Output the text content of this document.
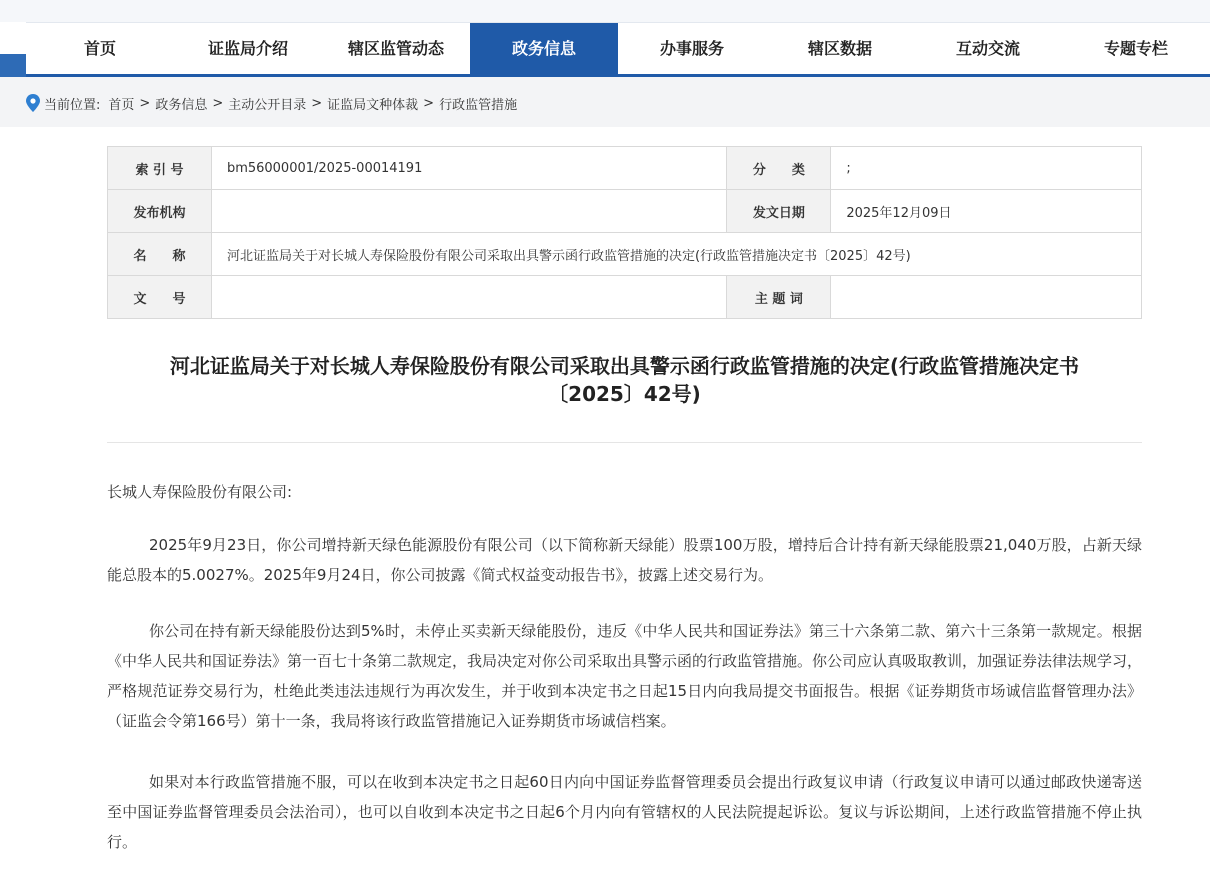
首页	证监局介绍	辖区监管动态	政务信息	办事服务	辖区数据	互动交流	专题专栏
当前位置: 首页 > 政务信息 > 主动公开目录 > 证监局文种体裁 > 行政监管措施
索 引 号	bm56000001/2025-00014191	分　　类	;
发布机构		发文日期	2025年12月09日
名　　称	河北证监局关于对长城人寿保险股份有限公司采取出具警示函行政监管措施的决定(行政监管措施决定书〔2025〕42号)		
文　　号		主 题 词	
河北证监局关于对长城人寿保险股份有限公司采取出具警示函行政监管措施的决定(行政监管措施决定书
〔2025〕42号)
长城人寿保险股份有限公司:
2025年9月23日，你公司增持新天绿色能源股份有限公司（以下简称新天绿能）股票100万股，增持后合计持有新天绿能股票21,040万股，占新天绿能总股本的5.0027%。2025年9月24日，你公司披露《简式权益变动报告书》，披露上述交易行为。
你公司在持有新天绿能股份达到5%时，未停止买卖新天绿能股份，违反《中华人民共和国证券法》第三十六条第二款、第六十三条第一款规定。根据《中华人民共和国证券法》第一百七十条第二款规定，我局决定对你公司采取出具警示函的行政监管措施。你公司应认真吸取教训，加强证券法律法规学习，严格规范证券交易行为，杜绝此类违法违规行为再次发生，并于收到本决定书之日起15日内向我局提交书面报告。根据《证券期货市场诚信监督管理办法》（证监会令第166号）第十一条，我局将该行政监管措施记入证券期货市场诚信档案。
如果对本行政监管措施不服，可以在收到本决定书之日起60日内向中国证券监督管理委员会提出行政复议申请（行政复议申请可以通过邮政快递寄送至中国证券监督管理委员会法治司），也可以自收到本决定书之日起6个月内向有管辖权的人民法院提起诉讼。复议与诉讼期间，上述行政监管措施不停止执行。
